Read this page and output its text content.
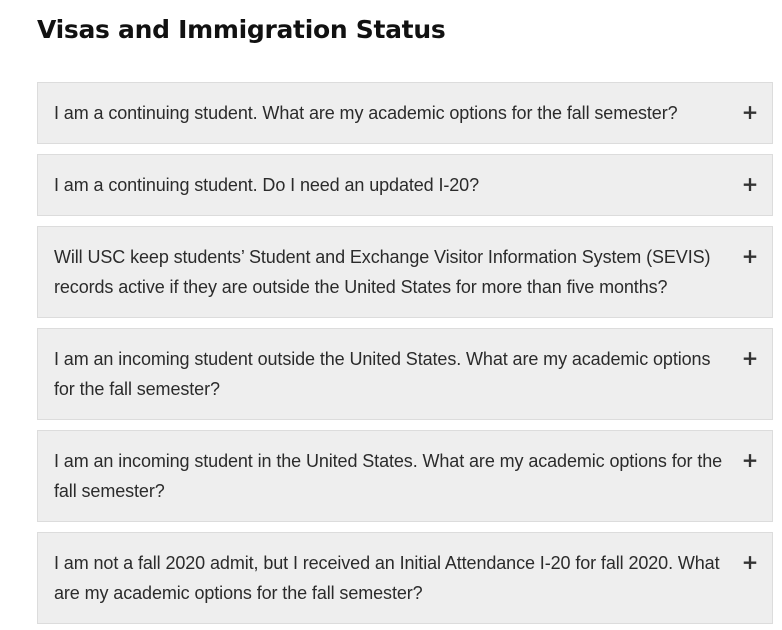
Visas and Immigration Status
I am a continuing student. What are my academic options for the fall semester?	+
I am a continuing student. Do I need an updated I-20?	+
Will USC keep students’ Student and Exchange Visitor Information System (SEVIS) records active if they are outside the United States for more than five months?
+
I am an incoming student outside the United States. What are my academic options for the fall semester?
+
I am an incoming student in the United States. What are my academic options for the fall semester?
+
I am not a fall 2020 admit, but I received an Initial Attendance I-20 for fall 2020. What are my academic options for the fall semester?
+
